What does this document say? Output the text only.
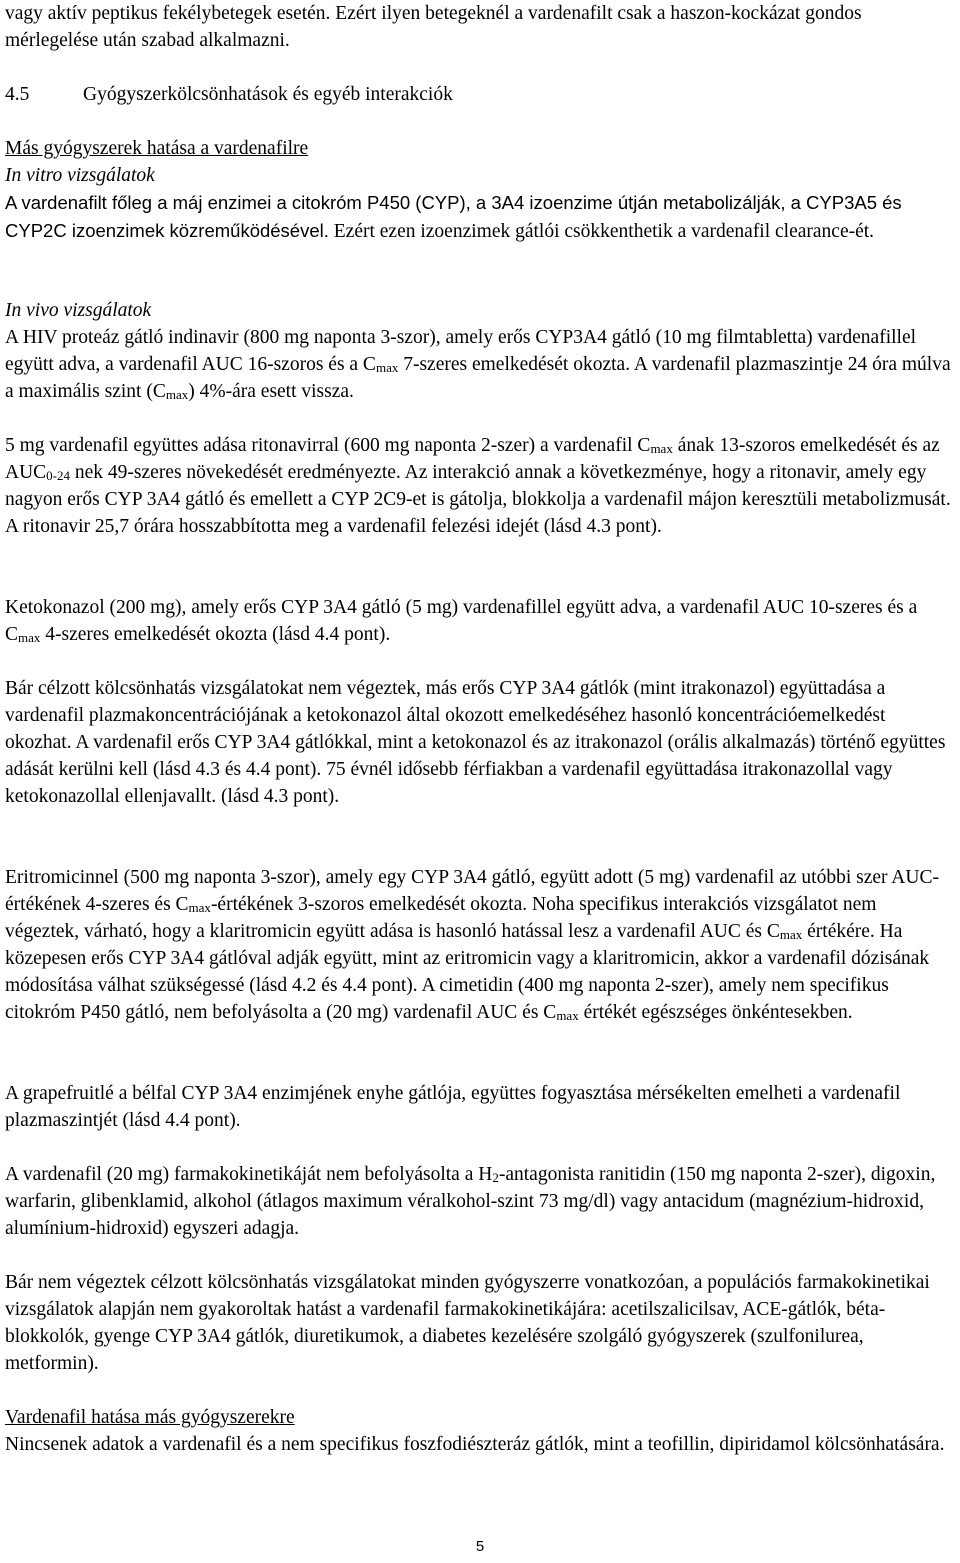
vagy aktív peptikus fekélybetegek esetén. Ezért ilyen betegeknél a vardenafilt csak a haszon-kockázat gondos mérlegelése után szabad alkalmazni.

4.5	Gyógyszerkölcsönhatások és egyéb interakciók

Más gyógyszerek hatása a vardenafilre

In vitro vizsgálatok

A vardenafilt főleg a máj enzimei a citokróm P450 (CYP), a 3A4 izoenzime útján metabolizálják, a CYP3A5 és CYP2C izoenzimek közreműködésével. Ezért ezen izoenzimek gátlói csökkenthetik a vardenafil clearance-ét.

In vivo vizsgálatok

A HIV proteáz gátló indinavir (800 mg naponta 3-szor), amely erős CYP3A4 gátló (10 mg filmtabletta) vardenafillel együtt adva, a vardenafil AUC 16-szoros és a Cmax 7-szeres emelkedését okozta. A vardenafil plazmaszintje 24 óra múlva a maximális szint (Cmax) 4%-ára esett vissza.

5 mg vardenafil együttes adása ritonavirral (600 mg naponta 2-szer) a vardenafil Cmax ának 13-szoros emelkedését és az AUC0-24 nek 49-szeres növekedését eredményezte. Az interakció annak a következménye, hogy a ritonavir, amely egy nagyon erős CYP 3A4 gátló és emellett a CYP 2C9-et is gátolja, blokkolja a vardenafil májon keresztüli metabolizmusát. A ritonavir 25,7 órára hosszabbította meg a vardenafil felezési idejét (lásd 4.3 pont).

Ketokonazol (200 mg), amely erős CYP 3A4 gátló (5 mg) vardenafillel együtt adva, a vardenafil AUC 10-szeres és a Cmax 4-szeres emelkedését okozta (lásd 4.4 pont).

Bár célzott kölcsönhatás vizsgálatokat nem végeztek, más erős CYP 3A4 gátlók (mint itrakonazol) együttadása a vardenafil plazmakoncentrációjának a ketokonazol által okozott emelkedéséhez hasonló koncentrációemelkedést okozhat. A vardenafil erős CYP 3A4 gátlókkal, mint a ketokonazol és az itrakonazol (orális alkalmazás) történő együttes adását kerülni kell (lásd 4.3 és 4.4 pont). 75 évnél idősebb férfiakban a vardenafil együttadása itrakonazollal vagy ketokonazollal ellenjavallt. (lásd 4.3 pont).

Eritromicinnel (500 mg naponta 3-szor), amely egy CYP 3A4 gátló, együtt adott (5 mg) vardenafil az utóbbi szer AUC-értékének 4-szeres és Cmax-értékének 3-szoros emelkedését okozta. Noha specifikus interakciós vizsgálatot nem végeztek, várható, hogy a klaritromicin együtt adása is hasonló hatással lesz a vardenafil AUC és Cmax értékére. Ha közepesen erős CYP 3A4 gátlóval adják együtt, mint az eritromicin vagy a klaritromicin, akkor a vardenafil dózisának módosítása válhat szükségessé (lásd 4.2 és 4.4 pont). A cimetidin (400 mg naponta 2-szer), amely nem specifikus citokróm P450 gátló, nem befolyásolta a (20 mg) vardenafil AUC és Cmax értékét egészséges önkéntesekben.

A grapefruitlé a bélfal CYP 3A4 enzimjének enyhe gátlója, együttes fogyasztása mérsékelten emelheti a vardenafil plazmaszintjét (lásd 4.4 pont).

A vardenafil (20 mg) farmakokinetikáját nem befolyásolta a H2-antagonista ranitidin (150 mg naponta 2-szer), digoxin, warfarin, glibenklamid, alkohol (átlagos maximum véralkohol-szint 73 mg/dl) vagy antacidum (magnézium-hidroxid, alumínium-hidroxid) egyszeri adagja.

Bár nem végeztek célzott kölcsönhatás vizsgálatokat minden gyógyszerre vonatkozóan, a populációs farmakokinetikai vizsgálatok alapján nem gyakoroltak hatást a vardenafil farmakokinetikájára: acetilszalicilsav, ACE-gátlók, béta-blokkolók, gyenge CYP 3A4 gátlók, diuretikumok, a diabetes kezelésére szolgáló gyógyszerek (szulfonilurea, metformin).

Vardenafil hatása más gyógyszerekre

Nincsenek adatok a vardenafil és a nem specifikus foszfodiészteráz gátlók, mint a teofillin, dipiridamol kölcsönhatására.

5
